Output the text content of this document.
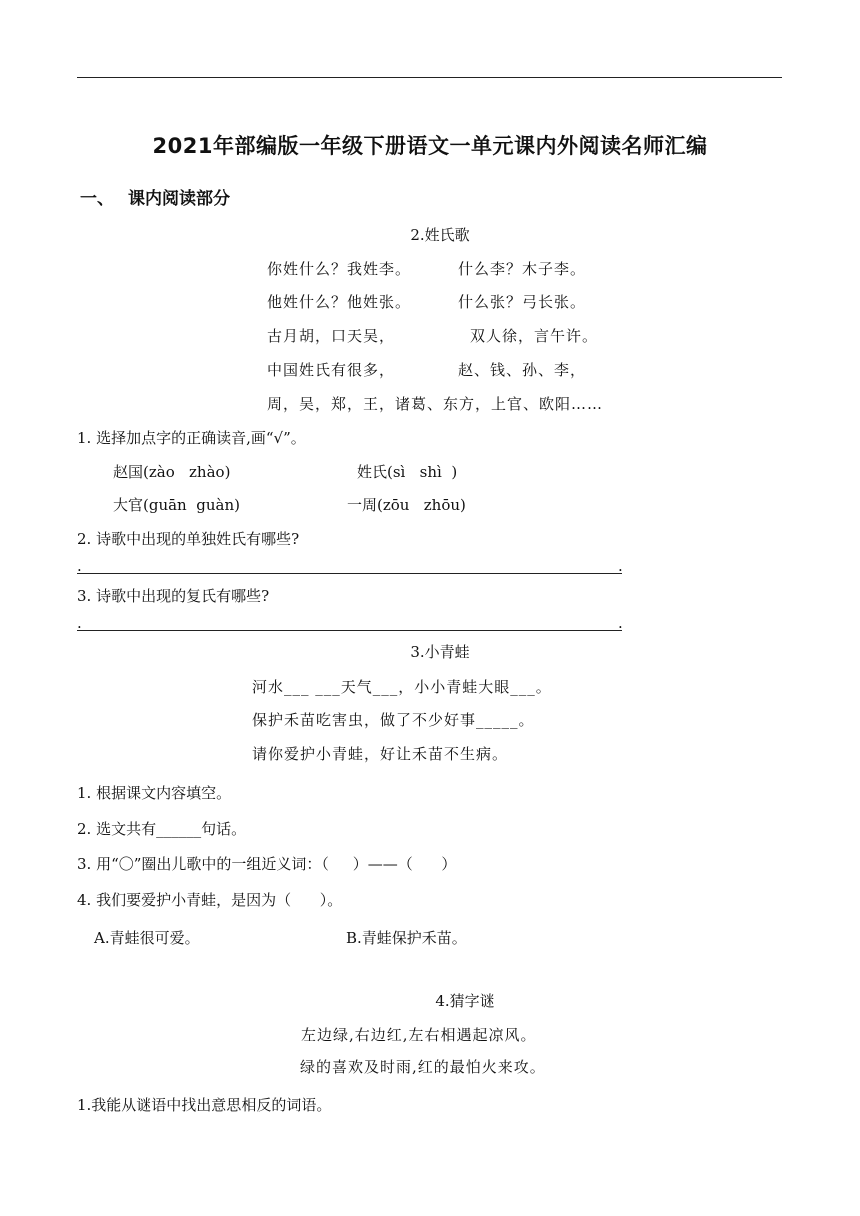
2021年部编版一年级下册语文一单元课内外阅读名师汇编
一、 课内阅读部分
2.姓氏歌
你姓什么？我姓李。	什么李？木子李。
他姓什么？他姓张。	什么张？弓长张。
古月胡，口天吴，	双人徐，言午许。
中国姓氏有很多，	赵、钱、孙、李，
周，吴，郑，王，诸葛、东方，上官、欧阳……
1. 选择加点字的正确读音,画“√”。
赵国(zào   zhào)	姓氏(sì   shì  )
大官(guān  guàn)	一周(zōu   zhōu)
2. 诗歌中出现的单独姓氏有哪些?
.	.
3. 诗歌中出现的复氏有哪些?
.	.
3.小青蛙
河水___ ___天气___，小小青蛙大眼___。
保护禾苗吃害虫，做了不少好事_____。
请你爱护小青蛙，好让禾苗不生病。
1. 根据课文内容填空。
2. 选文共有______句话。
3. 用“〇”圈出儿歌中的一组近义词：（     ）——（      ）
4. 我们要爱护小青蛙，是因为（      ）。
A.青蛙很可爱。	B.青蛙保护禾苗。
4.猜字谜
左边绿,右边红,左右相遇起凉风。
绿的喜欢及时雨,红的最怕火来攻。
1.我能从谜语中找出意思相反的词语。
